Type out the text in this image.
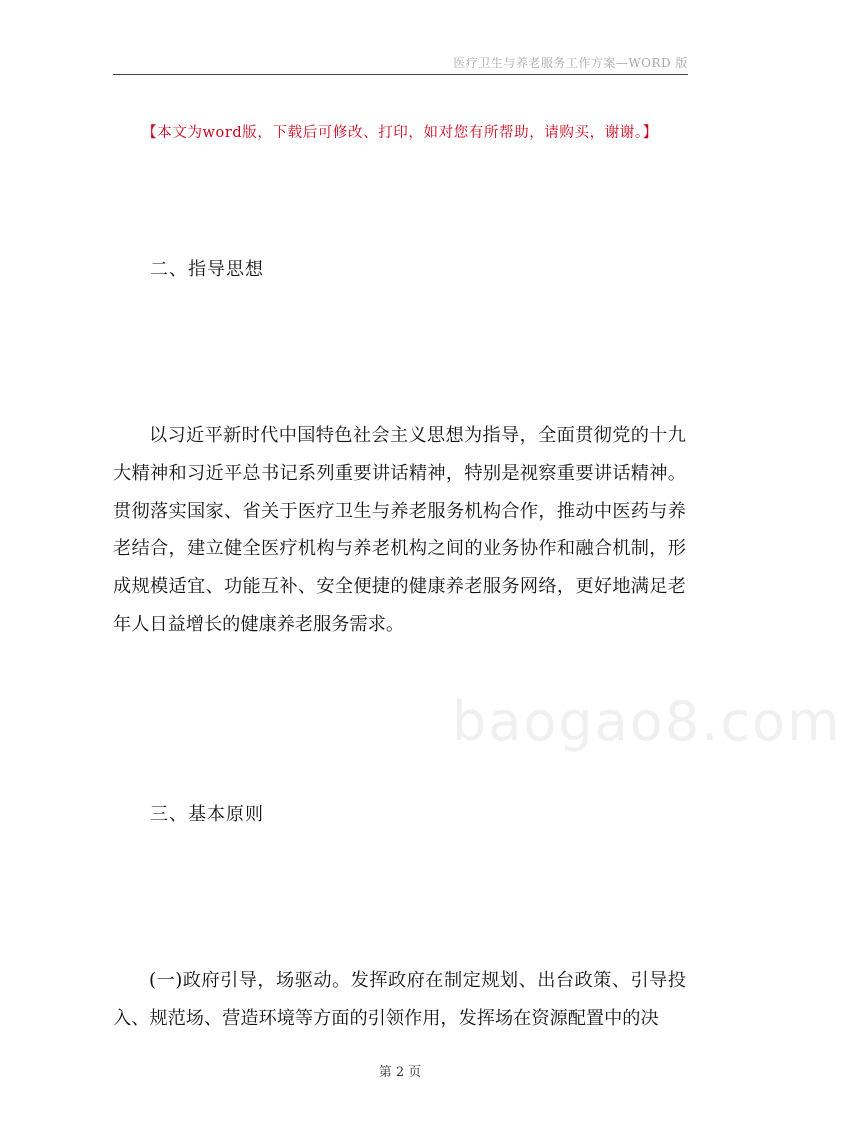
医疗卫生与养老服务工作方案—WORD 版
【本文为word版，下载后可修改、打印，如对您有所帮助，请购买，谢谢。】
二、指导思想

以习近平新时代中国特色社会主义思想为指导，全面贯彻党的十九大精神和习近平总书记系列重要讲话精神，特别是视察重要讲话精神。贯彻落实国家、省关于医疗卫生与养老服务机构合作，推动中医药与养老结合，建立健全医疗机构与养老机构之间的业务协作和融合机制，形成规模适宜、功能互补、安全便捷的健康养老服务网络，更好地满足老年人日益增长的健康养老服务需求。

baogao8.com
三、基本原则

(一)政府引导，场驱动。发挥政府在制定规划、出台政策、引导投入、规范场、营造环境等方面的引领作用，发挥场在资源配置中的决

第 2 页
